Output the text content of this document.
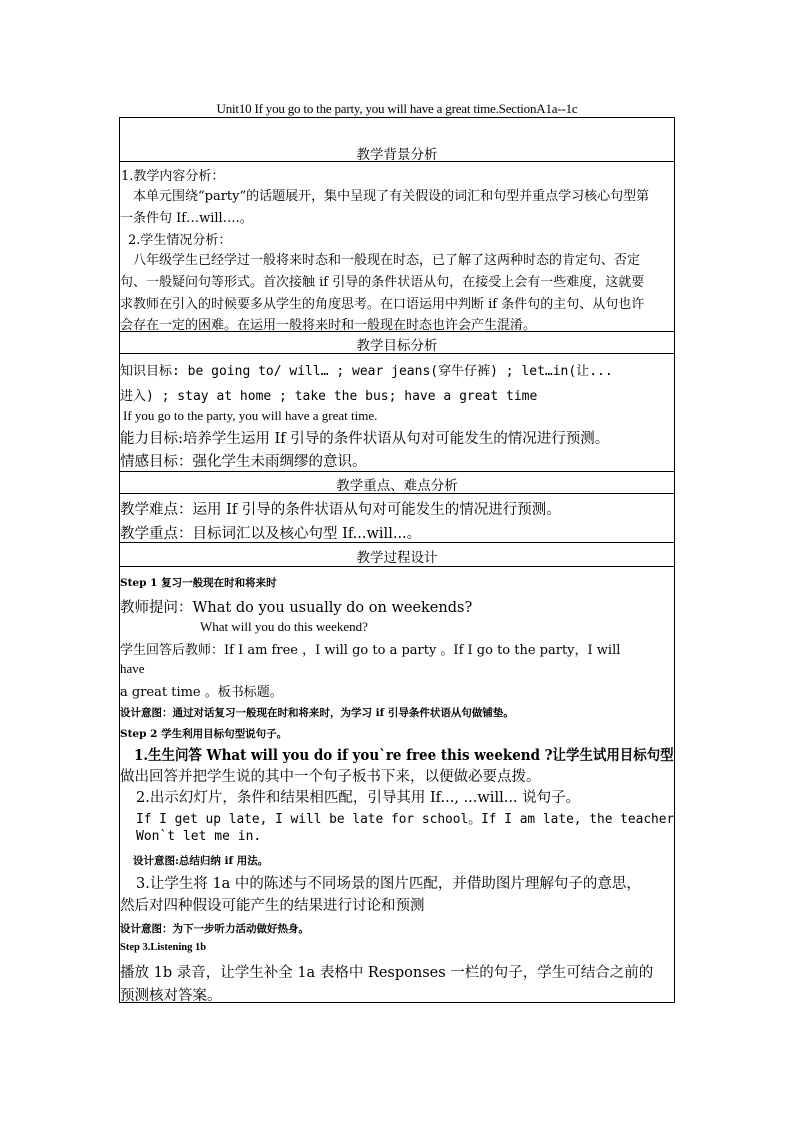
Unit10 If you go to the party, you will have a great time.SectionA1a--1c
教学背景分析
1.教学内容分析：
本单元围绕“party”的话题展开，集中呈现了有关假设的词汇和句型并重点学习核心句型第
一条件句 If…will….。
2.学生情况分析：
八年级学生已经学过一般将来时态和一般现在时态，已了解了这两种时态的肯定句、否定
句、一般疑问句等形式。首次接触 if 引导的条件状语从句，在接受上会有一些难度，这就要
求教师在引入的时候要多从学生的角度思考。在口语运用中判断 if 条件句的主句、从句也许
会存在一定的困难。在运用一般将来时和一般现在时态也许会产生混淆。
教学目标分析
知识目标: be going to/ will… ; wear jeans(穿牛仔裤) ; let…in(让...
进入) ; stay at home ; take the bus; have a great time
If you go to the party, you will have a great time.
能力目标:培养学生运用 If 引导的条件状语从句对可能发生的情况进行预测。
情感目标：强化学生未雨绸缪的意识。
教学重点、难点分析
教学难点：运用 If 引导的条件状语从句对可能发生的情况进行预测。
教学重点：目标词汇以及核心句型 If...will...。
教学过程设计
Step 1 复习一般现在时和将来时
教师提问：What do you usually do on weekends?
What will you do this weekend?
学生回答后教师：If I am free ，I will go to a party 。If I go to the party，I will
have
a great time 。板书标题。
设计意图：通过对话复习一般现在时和将来时，为学习 if 引导条件状语从句做铺垫。
Step 2 学生利用目标句型说句子。
1.生生问答 What will you do if you`re free this weekend ?让学生试用目标句型
做出回答并把学生说的其中一个句子板书下来，以便做必要点拨。
2.出示幻灯片，条件和结果相匹配，引导其用 If..., ...will... 说句子。
If I get up late, I will be late for school。If I am late, the teacher
Won`t let me in.
设计意图:总结归纳 if 用法。
3.让学生将 1a 中的陈述与不同场景的图片匹配，并借助图片理解句子的意思，
然后对四种假设可能产生的结果进行讨论和预测
设计意图：为下一步听力活动做好热身。
Step 3.Listening 1b
播放 1b 录音，让学生补全 1a 表格中 Responses 一栏的句子，学生可结合之前的
预测核对答案。
